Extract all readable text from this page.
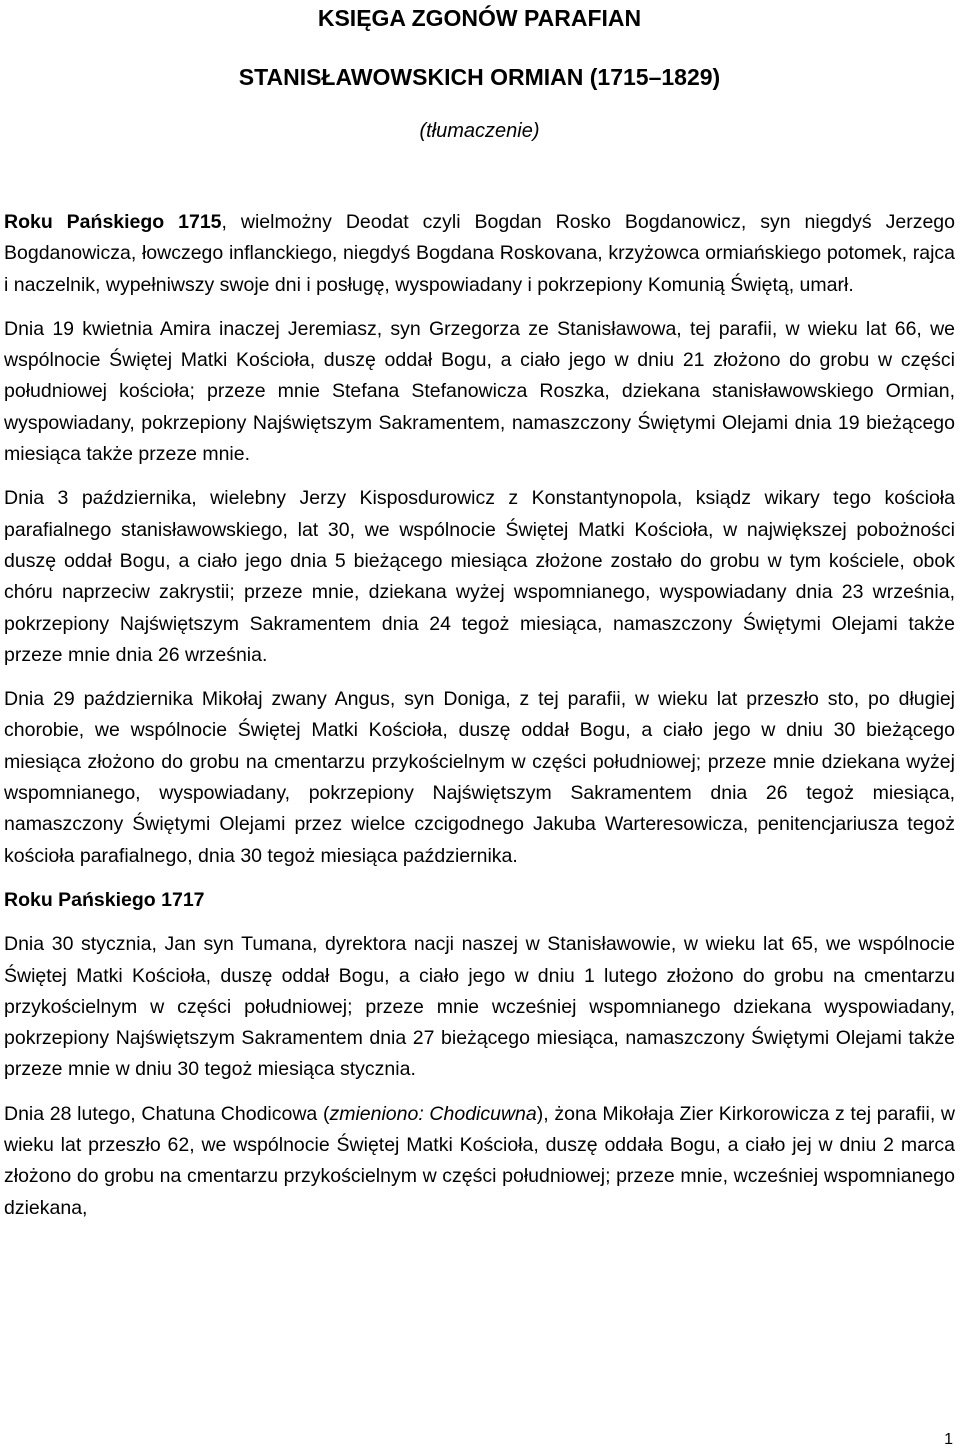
KSIĘGA ZGONÓW PARAFIAN
STANISŁAWOWSKICH ORMIAN (1715–1829)

(tłumaczenie)

Roku Pańskiego 1715, wielmożny Deodat czyli Bogdan Rosko Bogdanowicz, syn niegdyś Jerzego Bogdanowicza, łowczego inflanckiego, niegdyś Bogdana Roskovana, krzyżowca ormiańskiego potomek, rajca i naczelnik, wypełniwszy swoje dni i posługę, wyspowiadany i pokrzepiony Komunią Świętą, umarł.

Dnia 19 kwietnia Amira inaczej Jeremiasz, syn Grzegorza ze Stanisławowa, tej parafii, w wieku lat 66, we wspólnocie Świętej Matki Kościoła, duszę oddał Bogu, a ciało jego w dniu 21 złożono do grobu w części południowej kościoła; przeze mnie Stefana Stefanowicza Roszka, dziekana stanisławowskiego Ormian, wyspowiadany, pokrzepiony Najświętszym Sakramentem, namaszczony Świętymi Olejami dnia 19 bieżącego miesiąca także przeze mnie.

Dnia 3 października, wielebny Jerzy Kisposdurowicz z Konstantynopola, ksiądz wikary tego kościoła parafialnego stanisławowskiego, lat 30, we wspólnocie Świętej Matki Kościoła, w największej pobożności duszę oddał Bogu, a ciało jego dnia 5 bieżącego miesiąca złożone zostało do grobu w tym kościele, obok chóru naprzeciw zakrystii; przeze mnie, dziekana wyżej wspomnianego, wyspowiadany dnia 23 września, pokrzepiony Najświętszym Sakramentem dnia 24 tegoż miesiąca, namaszczony Świętymi Olejami także przeze mnie dnia 26 września.

Dnia 29 października Mikołaj zwany Angus, syn Doniga, z tej parafii, w wieku lat przeszło sto, po długiej chorobie, we wspólnocie Świętej Matki Kościoła, duszę oddał Bogu, a ciało jego w dniu 30 bieżącego miesiąca złożono do grobu na cmentarzu przykościelnym w części południowej; przeze mnie dziekana wyżej wspomnianego, wyspowiadany, pokrzepiony Najświętszym Sakramentem dnia 26 tegoż miesiąca, namaszczony Świętymi Olejami przez wielce czcigodnego Jakuba Warteresowicza, penitencjariusza tegoż kościoła parafialnego, dnia 30 tegoż miesiąca października.

Roku Pańskiego 1717

Dnia 30 stycznia, Jan syn Tumana, dyrektora nacji naszej w Stanisławowie, w wieku lat 65, we wspólnocie Świętej Matki Kościoła, duszę oddał Bogu, a ciało jego w dniu 1 lutego złożono do grobu na cmentarzu przykościelnym w części południowej; przeze mnie wcześniej wspomnianego dziekana wyspowiadany, pokrzepiony Najświętszym Sakramentem dnia 27 bieżącego miesiąca, namaszczony Świętymi Olejami także przeze mnie w dniu 30 tegoż miesiąca stycznia.

Dnia 28 lutego, Chatuna Chodicowa (zmieniono: Chodicuwna), żona Mikołaja Zier Kirkorowicza z tej parafii, w wieku lat przeszło 62, we wspólnocie Świętej Matki Kościoła, duszę oddała Bogu, a ciało jej w dniu 2 marca złożono do grobu na cmentarzu przykościelnym w części południowej; przeze mnie, wcześniej wspomnianego dziekana,

1
